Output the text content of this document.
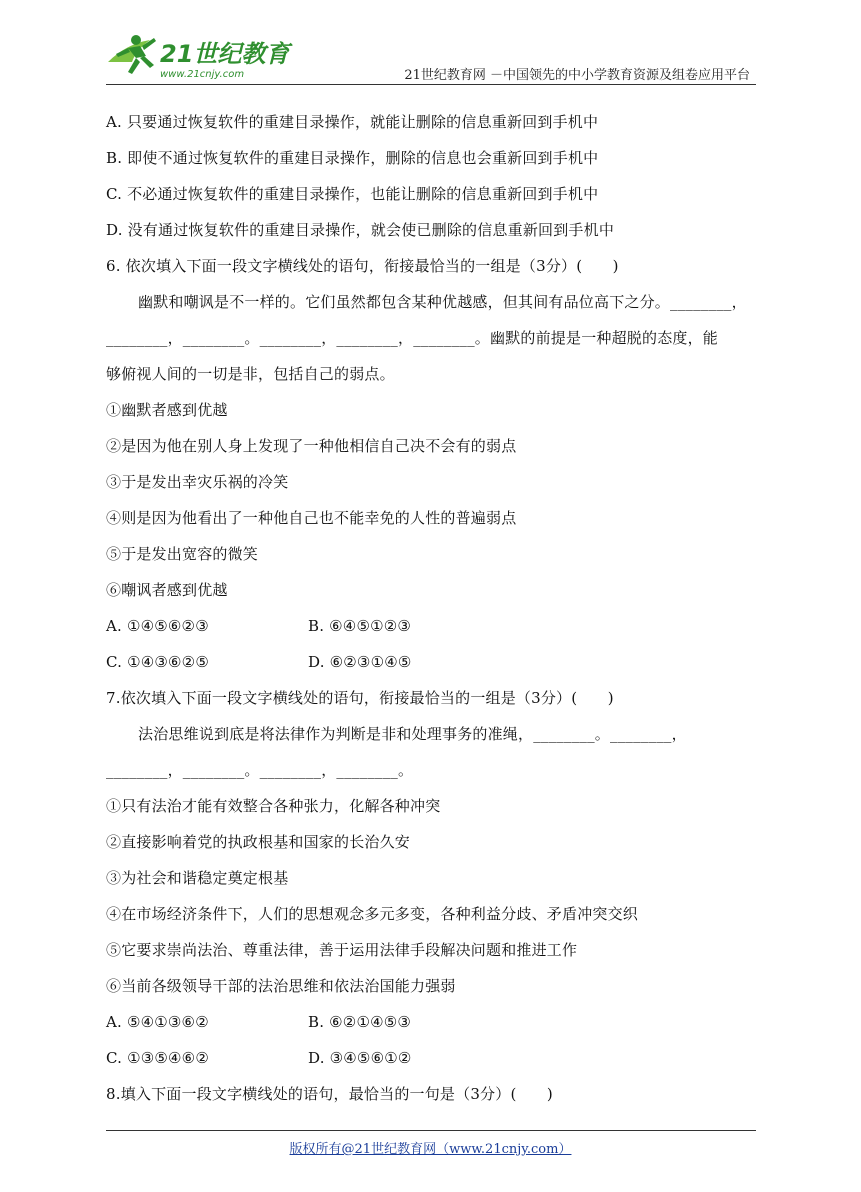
21世纪教育
www.21cnjy.com	21世纪教育网 －中国领先的中小学教育资源及组卷应用平台
A. 只要通过恢复软件的重建目录操作，就能让删除的信息重新回到手机中
B. 即使不通过恢复软件的重建目录操作，删除的信息也会重新回到手机中
C. 不必通过恢复软件的重建目录操作，也能让删除的信息重新回到手机中
D. 没有通过恢复软件的重建目录操作，就会使已删除的信息重新回到手机中
6. 依次填入下面一段文字横线处的语句，衔接最恰当的一组是（3分）(　　)
幽默和嘲讽是不一样的。它们虽然都包含某种优越感，但其间有品位高下之分。________，
________，________。________，________，________。幽默的前提是一种超脱的态度，能
够俯视人间的一切是非，包括自己的弱点。
①幽默者感到优越
②是因为他在别人身上发现了一种他相信自己决不会有的弱点
③于是发出幸灾乐祸的冷笑
④则是因为他看出了一种他自己也不能幸免的人性的普遍弱点
⑤于是发出宽容的微笑
⑥嘲讽者感到优越
A. ①④⑤⑥②③	B. ⑥④⑤①②③
C. ①④③⑥②⑤	D. ⑥②③①④⑤
7.依次填入下面一段文字横线处的语句，衔接最恰当的一组是（3分）(　　)
法治思维说到底是将法律作为判断是非和处理事务的准绳，________。________，
________，________。________，________。
①只有法治才能有效整合各种张力，化解各种冲突
②直接影响着党的执政根基和国家的长治久安
③为社会和谐稳定奠定根基
④在市场经济条件下，人们的思想观念多元多变，各种利益分歧、矛盾冲突交织
⑤它要求崇尚法治、尊重法律，善于运用法律手段解决问题和推进工作
⑥当前各级领导干部的法治思维和依法治国能力强弱
A. ⑤④①③⑥②	B. ⑥②①④⑤③
C. ①③⑤④⑥②	D. ③④⑤⑥①②
8.填入下面一段文字横线处的语句，最恰当的一句是（3分）(　　)
版权所有@21世纪教育网（www.21cnjy.com）
